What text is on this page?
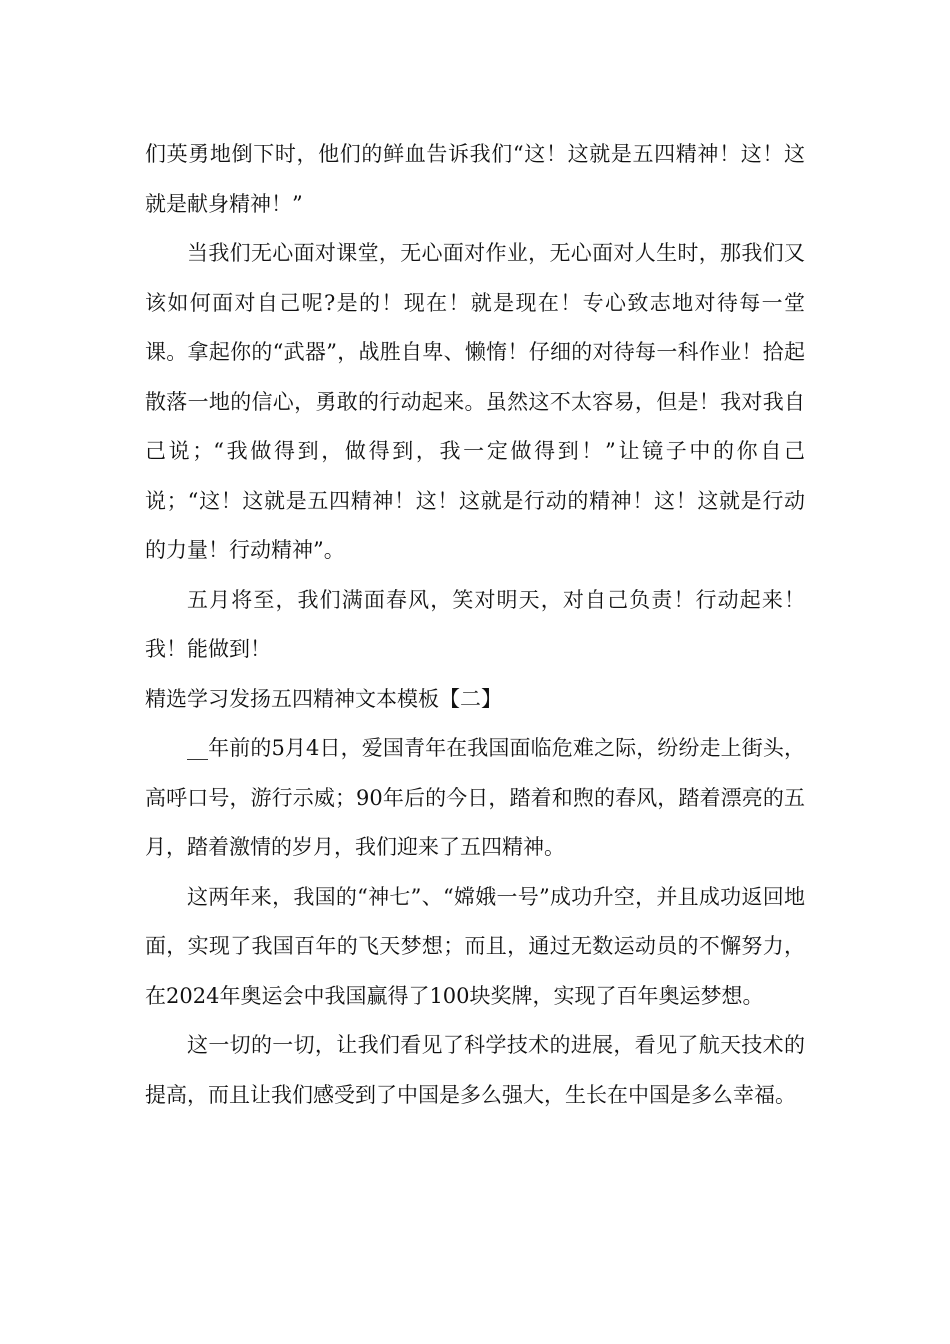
们英勇地倒下时，他们的鲜血告诉我们“这！这就是五四精神！这！这就是献身精神！”

当我们无心面对课堂，无心面对作业，无心面对人生时，那我们又该如何面对自己呢?是的！现在！就是现在！专心致志地对待每一堂课。拿起你的“武器”，战胜自卑、懒惰！仔细的对待每一科作业！拾起散落一地的信心，勇敢的行动起来。虽然这不太容易，但是！我对我自己说；“我做得到，做得到，我一定做得到！”让镜子中的你自己说；“这！这就是五四精神！这！这就是行动的精神！这！这就是行动的力量！行动精神”。

五月将至，我们满面春风，笑对明天，对自己负责！行动起来！我！能做到！

精选学习发扬五四精神文本模板【二】

__年前的5月4日，爱国青年在我国面临危难之际，纷纷走上街头，高呼口号，游行示威；90年后的今日，踏着和煦的春风，踏着漂亮的五月，踏着激情的岁月，我们迎来了五四精神。

这两年来，我国的“神七”、“嫦娥一号”成功升空，并且成功返回地面，实现了我国百年的飞天梦想；而且，通过无数运动员的不懈努力，在2024年奥运会中我国赢得了100块奖牌，实现了百年奥运梦想。

这一切的一切，让我们看见了科学技术的进展，看见了航天技术的提高，而且让我们感受到了中国是多么强大，生长在中国是多么幸福。
